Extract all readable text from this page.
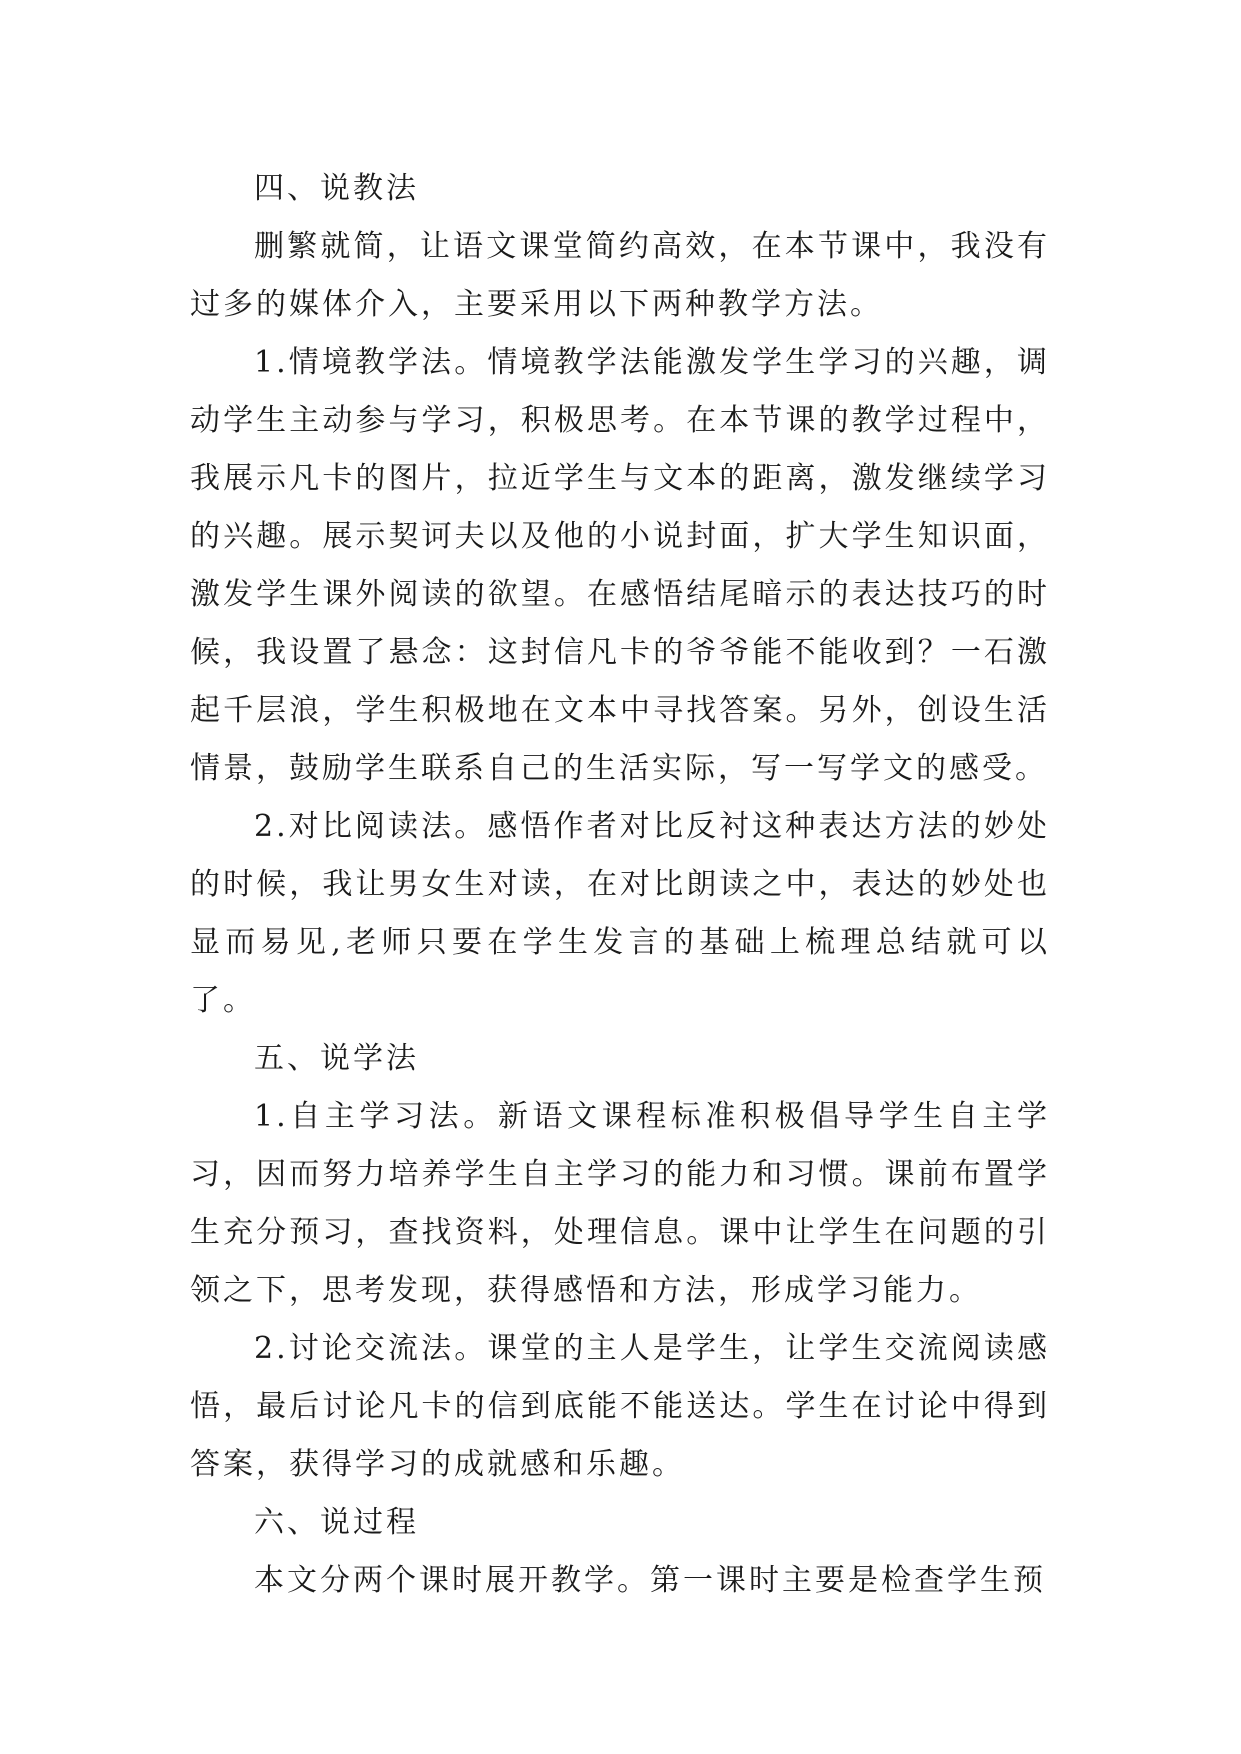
四、说教法

删繁就简，让语文课堂简约高效，在本节课中，我没有过多的媒体介入，主要采用以下两种教学方法。

1.情境教学法。情境教学法能激发学生学习的兴趣，调动学生主动参与学习，积极思考。在本节课的教学过程中，我展示凡卡的图片，拉近学生与文本的距离，激发继续学习的兴趣。展示契诃夫以及他的小说封面，扩大学生知识面，激发学生课外阅读的欲望。在感悟结尾暗示的表达技巧的时候，我设置了悬念：这封信凡卡的爷爷能不能收到？一石激起千层浪，学生积极地在文本中寻找答案。另外，创设生活情景，鼓励学生联系自己的生活实际，写一写学文的感受。

2.对比阅读法。感悟作者对比反衬这种表达方法的妙处的时候，我让男女生对读，在对比朗读之中，表达的妙处也显而易见,老师只要在学生发言的基础上梳理总结就可以了。

五、说学法

1.自主学习法。新语文课程标准积极倡导学生自主学习，因而努力培养学生自主学习的能力和习惯。课前布置学生充分预习，查找资料，处理信息。课中让学生在问题的引领之下，思考发现，获得感悟和方法，形成学习能力。

2.讨论交流法。课堂的主人是学生，让学生交流阅读感悟，最后讨论凡卡的信到底能不能送达。学生在讨论中得到答案，获得学习的成就感和乐趣。

六、说过程

本文分两个课时展开教学。第一课时主要是检查学生预
